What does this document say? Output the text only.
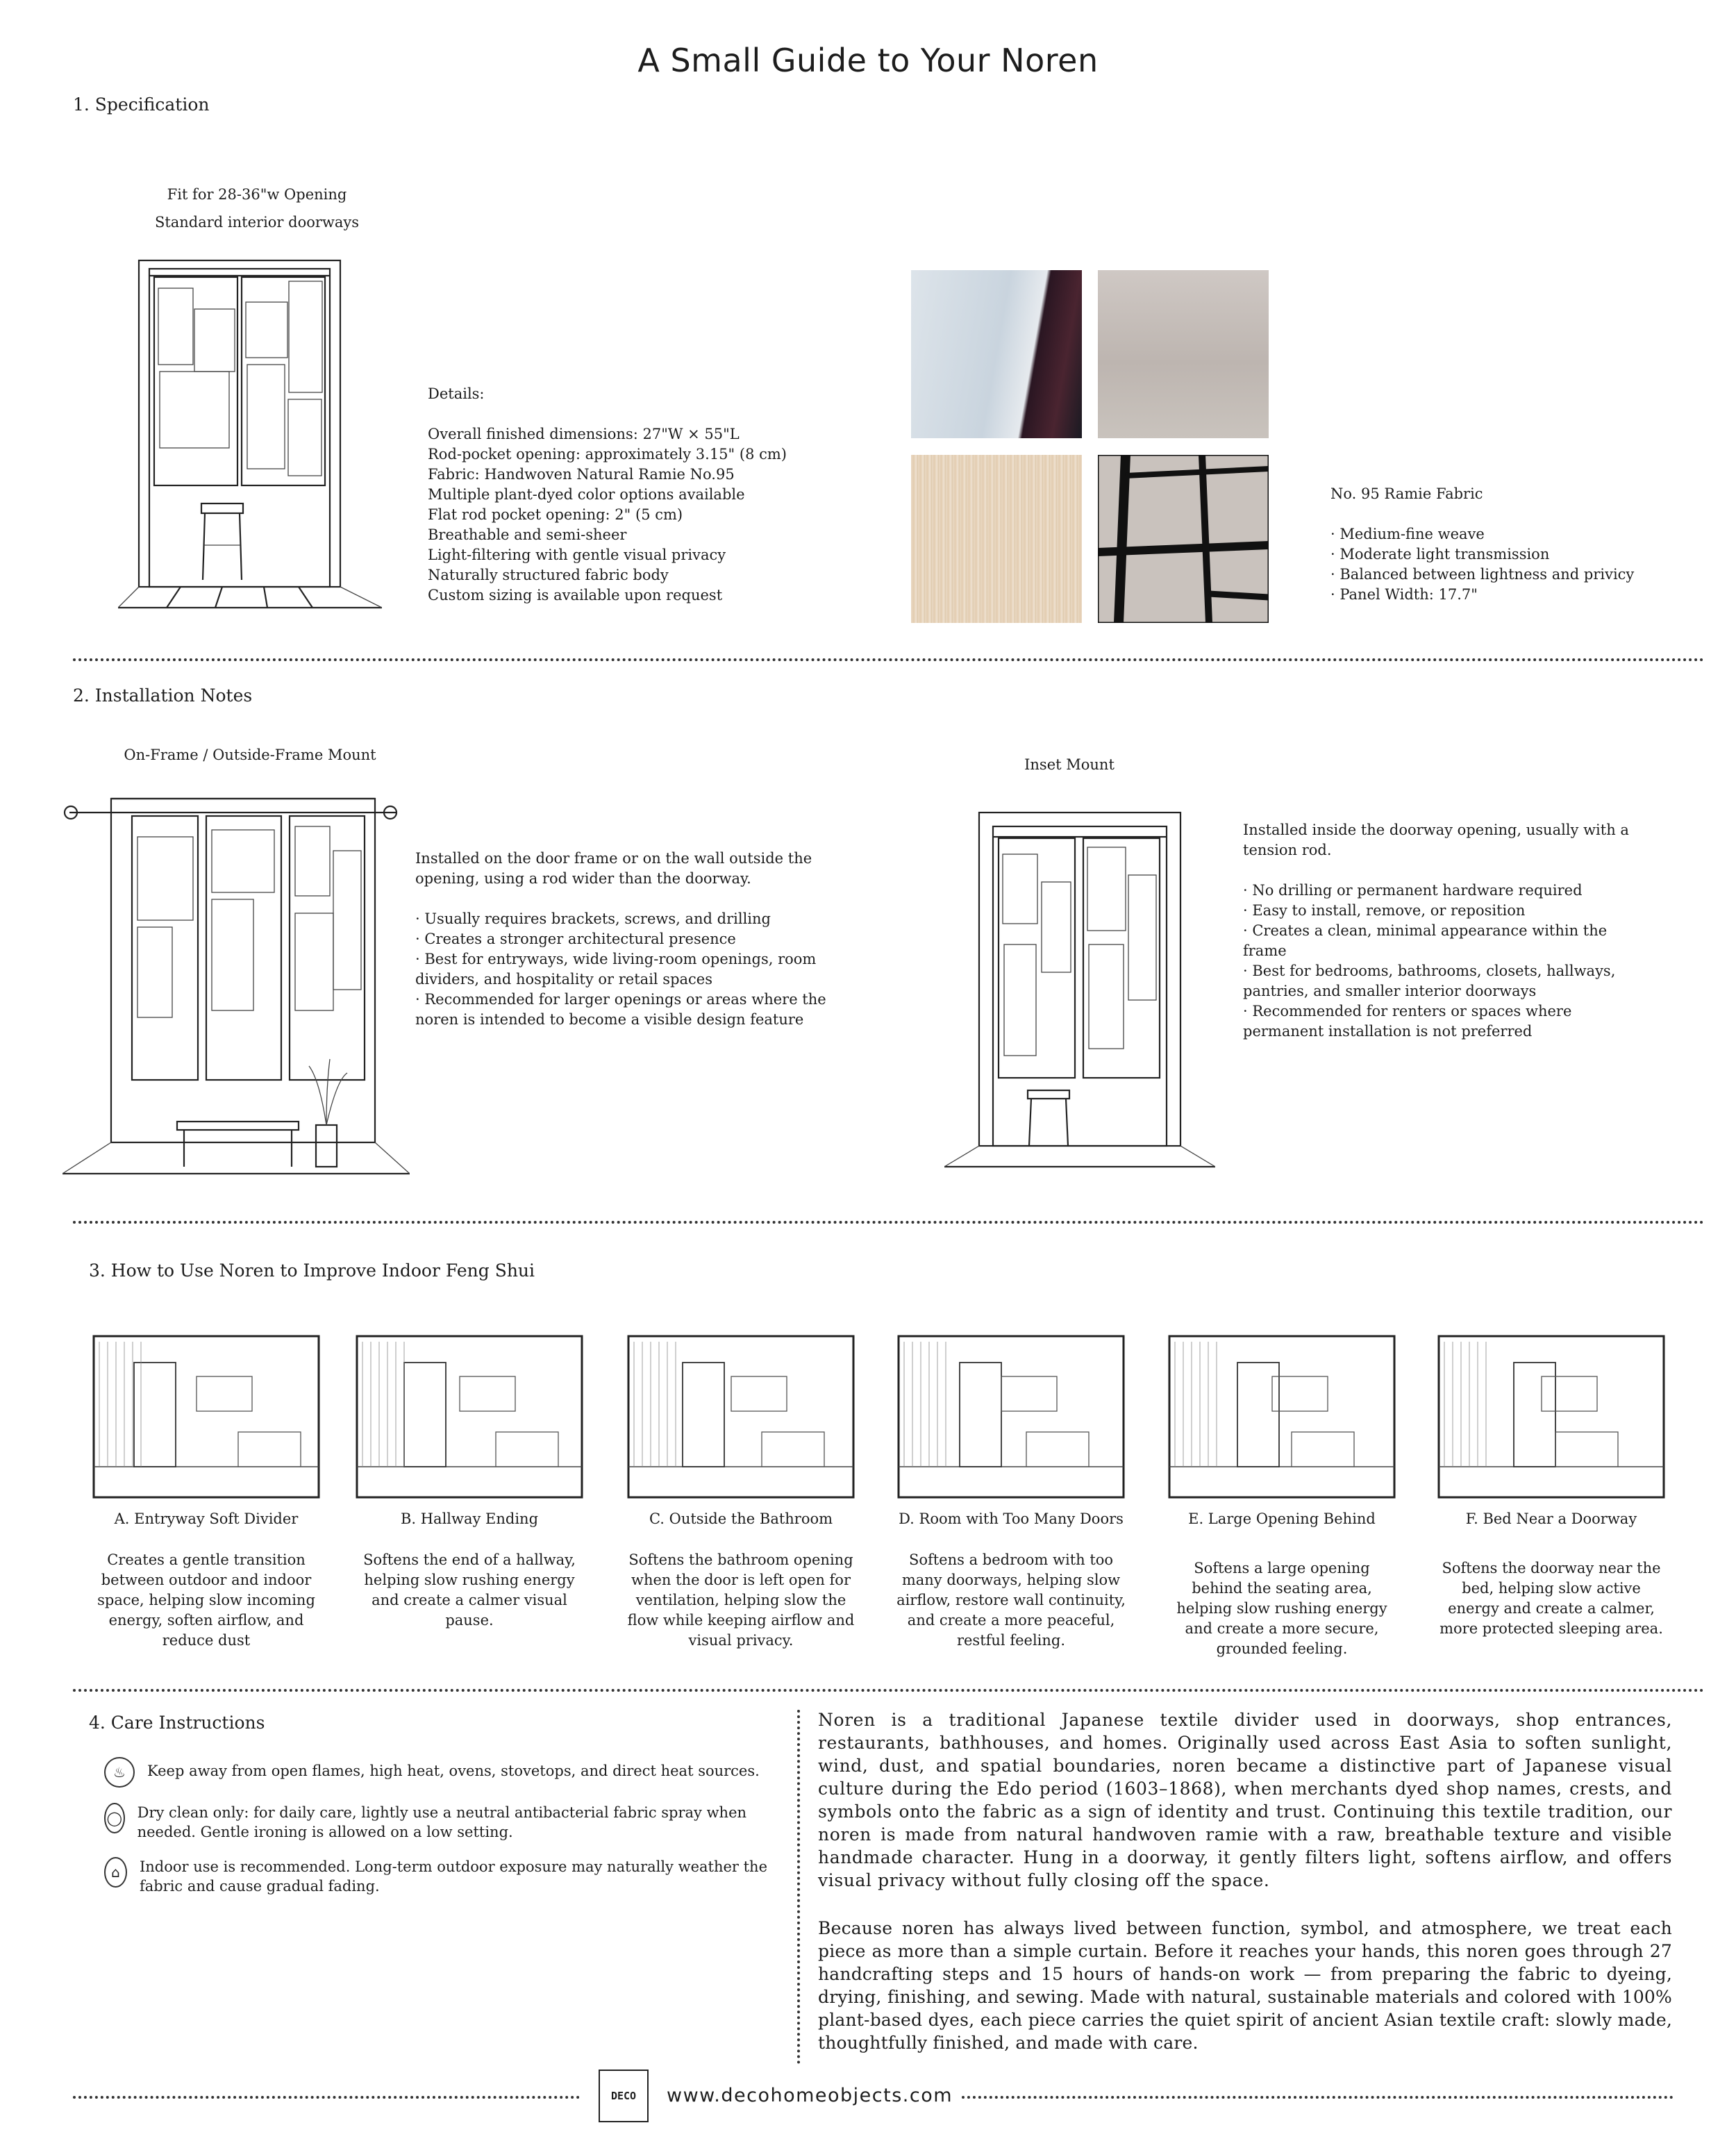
A Small Guide to Your Noren
1. Specification
Fit for 28-36"w Opening
Standard interior doorways
Details:
Overall finished dimensions: 27"W × 55"L
Rod-pocket opening: approximately 3.15" (8 cm)
Fabric: Handwoven Natural Ramie No.95
Multiple plant-dyed color options available
Flat rod pocket opening: 2" (5 cm)
Breathable and semi-sheer
Light-filtering with gentle visual privacy
Naturally structured fabric body
Custom sizing is available upon request
No. 95 Ramie Fabric
· Medium-fine weave
· Moderate light transmission
· Balanced between lightness and privicy
· Panel Width: 17.7"
2. Installation Notes
On-Frame / Outside-Frame Mount
Installed on the door frame or on the wall outside the opening, using a rod wider than the doorway.

· Usually requires brackets, screws, and drilling
· Creates a stronger architectural presence
· Best for entryways, wide living-room openings, room dividers, and hospitality or retail spaces
· Recommended for larger openings or areas where the noren is intended to become a visible design feature
Inset Mount
Installed inside the doorway opening, usually with a tension rod.

· No drilling or permanent hardware required
· Easy to install, remove, or reposition
· Creates a clean, minimal appearance within the frame
· Best for bedrooms, bathrooms, closets, hallways, pantries, and smaller interior doorways
· Recommended for renters or spaces where permanent installation is not preferred
3. How to Use Noren to Improve Indoor Feng Shui
A. Entryway Soft Divider
Creates a gentle transition between outdoor and indoor space, helping slow incoming energy, soften airflow, and reduce dust
B. Hallway Ending
Softens the end of a hallway, helping slow rushing energy and create a calmer visual pause.
C. Outside the Bathroom
Softens the bathroom opening when the door is left open for ventilation, helping slow the flow while keeping airflow and visual privacy.
D. Room with Too Many Doors
Softens a bedroom with too many doorways, helping slow airflow, restore wall continuity, and create a more peaceful, restful feeling.
E. Large Opening Behind
Softens a large opening behind the seating area, helping slow rushing energy and create a more secure, grounded feeling.
F. Bed Near a Doorway
Softens the doorway near the bed, helping slow active energy and create a calmer, more protected sleeping area.
4. Care Instructions
♨	Keep away from open flames, high heat, ovens, stovetops, and direct heat sources.
◯ Dry clean only: for daily care, lightly use a neutral antibacterial fabric spray when needed. Gentle ironing is allowed on a low setting.
⌂	Indoor use is recommended. Long-term outdoor exposure may naturally weather the fabric and cause gradual fading.
Noren is a traditional Japanese textile divider used in doorways, shop entrances, restaurants, bathhouses, and homes. Originally used across East Asia to soften sunlight, wind, dust, and spatial boundaries, noren became a distinctive part of Japanese visual culture during the Edo period (1603–1868), when merchants dyed shop names, crests, and symbols onto the fabric as a sign of identity and trust. Continuing this textile tradition, our noren is made from natural handwoven ramie with a raw, breathable texture and visible handmade character. Hung in a doorway, it gently filters light, softens airflow, and offers visual privacy without fully closing off the space.
Because noren has always lived between function, symbol, and atmosphere, we treat each piece as more than a simple curtain. Before it reaches your hands, this noren goes through 27 handcrafting steps and 15 hours of hands-on work — from preparing the fabric to dyeing, drying, finishing, and sewing. Made with natural, sustainable materials and colored with 100% plant-based dyes, each piece carries the quiet spirit of ancient Asian textile craft: slowly made, thoughtfully finished, and made with care.
DECO	www.decohomeobjects.com
